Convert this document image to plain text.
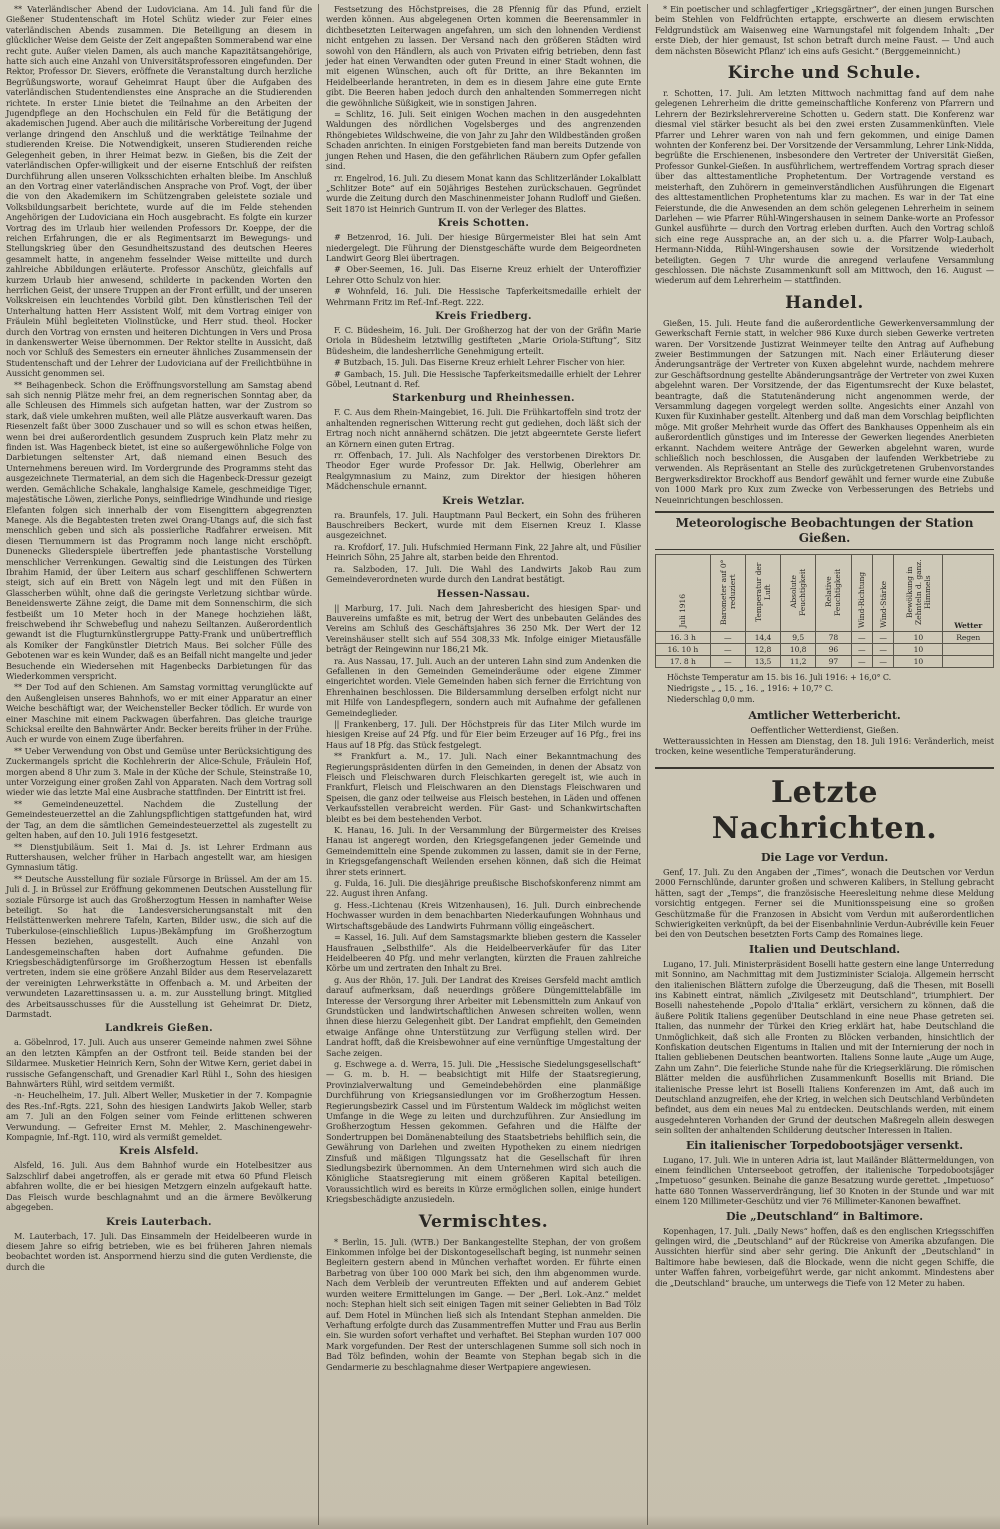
** Vaterländischer Abend der Ludoviciana. Am 14. Juli fand für die Gießener Studentenschaft im Hotel Schütz wieder zur Feier eines vaterländischen Abends zusammen. Die Beteiligung an diesem in glücklicher Weise dem Geiste der Zeit angepaßten Sommerabend war eine recht gute. Außer vielen Damen, als auch manche Kapazitätsangehörige, hatte sich auch eine Anzahl von Universitätsprofessoren eingefunden. Der Rektor, Professor Dr. Sievers, eröffnete die Veranstaltung durch herzliche Begrüßungsworte, worauf Geheimrat Haupt über die Aufgaben des vaterländischen Studentendienstes eine Ansprache an die Studierenden richtete. In erster Linie bietet die Teilnahme an den Arbeiten der Jugendpflege an den Hochschulen ein Feld für die Betätigung der akademischen Jugend. Aber auch die militärische Vorbereitung der Jugend verlange dringend den Anschluß und die werktätige Teilnahme der studierenden Kreise. Die Notwendigkeit, unseren Studierenden reiche Gelegenheit geben, in ihrer Heimat bezw. in Gießen, bis die Zeit der vaterländischen Opfer-willigkeit und der eiserne Entschluß der reifsten Durchführung allen unseren Volksschichten erhalten bleibe. Im Anschluß an den Vortrag einer vaterländischen Ansprache von Prof. Vogt, der über die von den Akademikern im Schützengraben geleistete soziale und Volksbildungsarbeit berichtete, wurde auf die im Felde stehenden Angehörigen der Ludoviciana ein Hoch ausgebracht. Es folgte ein kurzer Vortrag des im Urlaub hier weilenden Professors Dr. Koeppe, der die reichen Erfahrungen, die er als Regimentsarzt im Bewegungs- und Stellungskrieg über den Gesundheitszustand des deutschen Heeres gesammelt hatte, in angenehm fesselnder Weise mitteilte und durch zahlreiche Abbildungen erläuterte. Professor Anschütz, gleichfalls auf kurzem Urlaub hier anwesend, schilderte in packenden Worten den herrlichen Geist, der unsere Truppen an der Front erfüllt, und der unseren Volkskreisen ein leuchtendes Vorbild gibt. Den künstlerischen Teil der Unterhaltung hatten Herr Assistent Wolf, mit dem Vortrag einiger von Fräulein Mühl begleiteten Violinstücke, und Herr stud. theol. Hocker durch den Vortrag von ernsten und heiteren Dichtungen in Vers und Prosa in dankenswerter Weise übernommen. Der Rektor stellte in Aussicht, daß noch vor Schluß des Semesters ein erneuter ähnliches Zusammensein der Studentenschaft und der Lehrer der Ludoviciana auf der Freilichtbühne in Aussicht genommen sei.

** Beihagenbeck. Schon die Eröffnungsvorstellung am Samstag abend sah sich nennig Plätze mehr frei, an dem regnerischen Sonntag aber, da alle Schleusen des Himmels sich aufgetan hatten, war der Zustrom so stark, daß viele umkehren mußten, weil alle Plätze ausverkauft waren. Das Riesenzelt faßt über 3000 Zuschauer und so will es schon etwas heißen, wenn bei drei außerordentlich gesundem Zuspruch kein Platz mehr zu finden ist. Was Hagenbeck bietet, ist eine so außergewöhnliche Folge von Darbietungen seltenster Art, daß niemand einen Besuch des Unternehmens bereuen wird. Im Vordergrunde des Programms steht das ausgezeichnete Tiermaterial, an dem sich die Hagenbeck-Dressur gezeigt werden. Gemächliche Schakale, langhalsige Kamele, geschmeidige Tiger, majestätische Löwen, zierliche Ponys, seinfliedrige Windhunde und riesige Elefanten folgen sich innerhalb der vom Eisengittern abgegrenzten Manege. Als die Begabtesten treten zwei Orang-Utangs auf, die sich fast menschlich geben und sich als possierliche Radfahrer erweisen. Mit diesen Tiernummern ist das Programm noch lange nicht erschöpft. Dunenecks Gliederspiele übertreffen jede phantastische Vorstellung menschlicher Verrenkungen. Gewaltig sind die Leistungen des Türken Ibrahim Hamid, der über Leitern aus scharf geschliffenen Schwertern steigt, sich auf ein Brett von Nägeln legt und mit den Füßen in Glasscherben wühlt, ohne daß die geringste Verletzung sichtbar würde. Beneidenswerte Zähne zeigt, die Dame mit dem Sonnenschirm, die sich festbeißt um 10 Meter hoch in der Manege hochziehen läßt, freischwebend ihr Schwebeflug und nahezu Seiltanzen. Außerordentlich gewandt ist die Flugturnkünstlergruppe Patty-Frank und unübertrefflich als Komiker der Fangkünstler Dietrich Maus. Bei solcher Fülle des Gebotenen war es kein Wunder, daß es an Beifall nicht mangelte und jeder Besuchende ein Wiedersehen mit Hagenbecks Darbietungen für das Wiederkommen verspricht.

** Der Tod auf den Schienen. Am Samstag vormittag verunglückte auf den Außengleisen unseres Bahnhofs, wo er mit einer Apparatur an einer Weiche beschäftigt war, der Weichensteller Becker tödlich. Er wurde von einer Maschine mit einem Packwagen überfahren. Das gleiche traurige Schicksal ereilte den Bahnwärter Andr. Becker bereits früher in der Frühe. Auch er wurde von einem Zuge überfahren.

** Ueber Verwendung von Obst und Gemüse unter Berücksichtigung des Zuckermangels spricht die Kochlehrerin der Alice-Schule, Fräulein Hof, morgen abend 8 Uhr zum 3. Male in der Küche der Schule, Steinstraße 10, unter Vorzeigung einer großen Zahl von Apparaten. Nach dem Vortrag soll wieder wie das letzte Mal eine Ausbrache stattfinden. Der Eintritt ist frei.

** Gemeindeneuzettel. Nachdem die Zustellung der Gemeindesteuerzettel an die Zahlungspflichtigen stattgefunden hat, wird der Tag, an dem die sämtlichen Gemeindesteuerzettel als zugestellt zu gelten haben, auf den 10. Juli 1916 festgesetzt.

** Dienstjubiläum. Seit 1. Mai d. Js. ist Lehrer Erdmann aus Ruttershausen, welcher früher in Harbach angestellt war, am hiesigen Gymnasium tätig.

** Deutsche Ausstellung für soziale Fürsorge in Brüssel. Am der am 15. Juli d. J. in Brüssel zur Eröffnung gekommenen Deutschen Ausstellung für soziale Fürsorge ist auch das Großherzogtum Hessen in namhafter Weise beteiligt. So hat die Landesversicherungsanstalt mit den Heilstättenwerken mehrere Tafeln, Karten, Bilder usw., die sich auf die Tuberkulose-(einschließlich Lupus-)Bekämpfung im Großherzogtum Hessen beziehen, ausgestellt. Auch eine Anzahl von Landesgemeinschaften haben dort Aufnahme gefunden. Die Kriegsbeschädigtenfürsorge im Großherzogtum Hessen ist ebenfalls vertreten, indem sie eine größere Anzahl Bilder aus dem Reservelazarett der vereinigten Lehrwerkstätte in Offenbach a. M. und Arbeiten der verwundeten Lazarettinsassen u. a. m. zur Ausstellung bringt. Mitglied des Arbeitsausschusses für die Ausstellung ist Geheimrat Dr. Dietz, Darmstadt.

Landkreis Gießen.

a. Göbelnrod, 17. Juli. Auch aus unserer Gemeinde nahmen zwei Söhne an den letzten Kämpfen an der Ostfront teil. Beide standen bei der Sildarmee. Musketier Heinrich Kern, Sohn der Witwe Kern, geriet dabei in russische Gefangenschaft, und Grenadier Karl Rühl I., Sohn des hiesigen Bahnwärters Rühl, wird seitdem vermißt.

-n- Heuchelheim, 17. Juli. Albert Weller, Musketier in der 7. Kompagnie des Res.-Inf.-Rgts. 221, Sohn des hiesigen Landwirts Jakob Weller, starb am 7. Juli an den Folgen seiner vom Feinde erlittenen schweren Verwundung. — Gefreiter Ernst M. Mehler, 2. Maschinengewehr-Kompagnie, Inf.-Rgt. 110, wird als vermißt gemeldet.

Kreis Alsfeld.

Alsfeld, 16. Juli. Aus dem Bahnhof wurde ein Hotelbesitzer aus Salzschlirf dabei angetroffen, als er gerade mit etwa 60 Pfund Fleisch abfahren wollte, die er bei hiesigen Metzgern einzeln aufgekauft hatte. Das Fleisch wurde beschlagnahmt und an die ärmere Bevölkerung abgegeben.

Kreis Lauterbach.

M. Lauterbach, 17. Juli. Das Einsammeln der Heidelbeeren wurde in diesem Jahre so eifrig betrieben, wie es bei früheren Jahren niemals beobachtet worden ist. Ansporrnend hierzu sind die guten Verdienste, die durch die

Festsetzung des Höchstpreises, die 28 Pfennig für das Pfund, erzielt werden können. Aus abgelegenen Orten kommen die Beerensammler in dichtbesetzten Leiterwagen angefahren, um sich den lohnenden Verdienst nicht entgehen zu lassen. Der Versand nach den größeren Städten wird sowohl von den Händlern, als auch von Privaten eifrig betrieben, denn fast jeder hat einen Verwandten oder guten Freund in einer Stadt wohnen, die mit eigenen Wünschen, auch oft für Dritte, an ihre Bekannten im Heidelbeerlande herantreten, in dem es in diesem Jahre eine gute Ernte gibt. Die Beeren haben jedoch durch den anhaltenden Sommerregen nicht die gewöhnliche Süßigkeit, wie in sonstigen Jahren.

= Schlitz, 16. Juli. Seit einigen Wochen machen in den ausgedehnten Waldungen des nördlichen Vogelsberges und des angrenzenden Rhöngebietes Wildschweine, die von Jahr zu Jahr den Wildbeständen großen Schaden anrichten. In einigen Forstgebieten fand man bereits Dutzende von jungen Rehen und Hasen, die den gefährlichen Räubern zum Opfer gefallen sind.

rr. Engelrod, 16. Juli. Zu diesem Monat kann das Schlitzerländer Lokalblatt „Schlitzer Bote“ auf ein 50jähriges Bestehen zurückschauen. Gegründet wurde die Zeitung durch den Maschinenmeister Johann Rudloff und Gießen. Seit 1870 ist Heinrich Guntrum II. von der Verleger des Blattes.

Kreis Schotten.

# Betzenrod, 16. Juli. Der hiesige Bürgermeister Blei hat sein Amt niedergelegt. Die Führung der Dienstgeschäfte wurde dem Beigeordneten Landwirt Georg Blei übertragen.

# Ober-Seemen, 16. Juli. Das Eiserne Kreuz erhielt der Unteroffizier Lehrer Otto Schulz von hier.

# Wohnfeld, 16. Juli. Die Hessische Tapferkeitsmedaille erhielt der Wehrmann Fritz im Ref.-Inf.-Regt. 222.

Kreis Friedberg.

F. C. Büdesheim, 16. Juli. Der Großherzog hat der von der Gräfin Marie Oriola in Büdesheim letztwillig gestifteten „Marie Oriola-Stiftung“, Sitz Büdesheim, die landesherrliche Genehmigung erteilt.

# Butzbach, 15. Juli. Das Eiserne Kreuz erhielt Lehrer Fischer von hier.

# Gambach, 15. Juli. Die Hessische Tapferkeitsmedaille erhielt der Lehrer Göbel, Leutnant d. Ref.

Starkenburg und Rheinhessen.

F. C. Aus dem Rhein-Maingebiet, 16. Juli. Die Frühkartoffeln sind trotz der anhaltenden regnerischen Witterung recht gut gediehen, doch läßt sich der Ertrag noch nicht annähernd schätzen. Die jetzt abgeerntete Gerste liefert an Körnern einen guten Ertrag.

rr. Offenbach, 17. Juli. Als Nachfolger des verstorbenen Direktors Dr. Theodor Eger wurde Professor Dr. Jak. Hellwig, Oberlehrer am Realgymnasium zu Mainz, zum Direktor der hiesigen höheren Mädchenschule ernannt.

Kreis Wetzlar.

ra. Braunfels, 17. Juli. Hauptmann Paul Beckert, ein Sohn des früheren Bauschreibers Beckert, wurde mit dem Eisernen Kreuz I. Klasse ausgezeichnet.

ra. Krofdorf, 17. Juli. Hufschmied Hermann Fink, 22 Jahre alt, und Füsilier Heinrich Söhn, 25 Jahre alt, starben beide den Ehrentod.

ra. Salzboden, 17. Juli. Die Wahl des Landwirts Jakob Rau zum Gemeindeverordneten wurde durch den Landrat bestätigt.

Hessen-Nassau.

|| Marburg, 17. Juli. Nach dem Jahresbericht des hiesigen Spar- und Bauvereins umfaßte es mit, betrug der Wert des unbebauten Geländes des Vereins am Schluß des Geschäftsjahres 36 250 Mk. Der Wert der 12 Vereinshäuser stellt sich auf 554 308,33 Mk. Infolge einiger Mietausfälle beträgt der Reingewinn nur 186,21 Mk.

ra. Aus Nassau, 17. Juli. Auch an der unteren Lahn sind zum Andenken die Gefallenen in den Gemeinden Gemeinderäume oder eigene Zimmer eingerichtet worden. Viele Gemeinden haben sich ferner die Errichtung von Ehrenhainen beschlossen. Die Bildersammlung derselben erfolgt nicht nur mit Hilfe von Landespflegern, sondern auch mit Aufnahme der gefallenen Gemeindeglieder.

|| Frankenberg, 17. Juli. Der Höchstpreis für das Liter Milch wurde im hiesigen Kreise auf 24 Pfg. und für Eier beim Erzeuger auf 16 Pfg., frei ins Haus auf 18 Pfg. das Stück festgelegt.

** Frankfurt a. M., 17. Juli. Nach einer Bekanntmachung des Regierungspräsidenten dürfen in den Gemeinden, in denen der Absatz von Fleisch und Fleischwaren durch Fleischkarten geregelt ist, wie auch in Frankfurt, Fleisch und Fleischwaren an den Dienstags Fleischwaren und Speisen, die ganz oder teilweise aus Fleisch bestehen, in Läden und offenen Verkaufsstellen verabreicht werden. Für Gast- und Schankwirtschaften bleibt es bei dem bestehenden Verbot.

K. Hanau, 16. Juli. In der Versammlung der Bürgermeister des Kreises Hanau ist angeregt worden, den Kriegsgefangenen jeder Gemeinde und Gemeindemitteln eine Spende zukommen zu lassen, damit sie in der Ferne, in Kriegsgefangenschaft Weilenden ersehen können, daß sich die Heimat ihrer stets erinnert.

g. Fulda, 16. Juli. Die diesjährige preußische Bischofskonferenz nimmt am 22. August ihren Anfang.

g. Hess.-Lichtenau (Kreis Witzenhausen), 16. Juli. Durch einbrechende Hochwasser wurden in dem benachbarten Niederkaufungen Wohnhaus und Wirtschaftsgebäude des Landwirts Fuhrmann völlig eingeäschert.

= Kassel, 16. Juli. Auf dem Samstagsmarkte blieben gestern die Kasseler Hausfrauen „Selbsthilfe“. Als die Heidelbeerverkäufer für das Liter Heidelbeeren 40 Pfg. und mehr verlangten, kürzten die Frauen zahlreiche Körbe um und zertraten den Inhalt zu Brei.

g. Aus der Rhön, 17. Juli. Der Landrat des Kreises Gersfeld macht amtlich darauf aufmerksam, daß neuerdings größere Düngemittelabfälle im Interesse der Versorgung ihrer Arbeiter mit Lebensmitteln zum Ankauf von Grundstücken und landwirtschaftlichen Anwesen schreiten wollen, wenn ihnen diese hierzu Gelegenheit gibt. Der Landrat empfiehlt, den Gemeinden etwaige Anfänge ohne Unterstützung zur Verfügung stellen wird. Der Landrat hofft, daß die Kreisbewohner auf eine vernünftige Umgestaltung der Sache zeigen.

g. Eschwege a. d. Werra, 15. Juli. Die „Hessische Siedelungsgesellschaft“ — G. m. b. H. — beabsichtigt mit Hilfe der Staatsregierung, Provinzialverwaltung und Gemeindebehörden eine planmäßige Durchführung von Kriegsansiedlungen vor im Großherzogtum Hessen. Regierungsbezirk Cassel und im Fürstentum Waldeck im möglichst weiten Umfange in die Wege zu leiten und durchzuführen. Zur Ansiedlung im Großherzogtum Hessen gekommen. Gefahren und die Hälfte der Sondertruppen bei Domänenabteilung des Staatsbetriebs behilflich sein, die Gewährung von Darlehen und zweiten Hypotheken zu einem niedrigen Zinsfuß und mäßigen Tilgungssatz hat die Gesellschaft für ihren Siedlungsbezirk übernommen. An dem Unternehmen wird sich auch die Königliche Staatsregierung mit einem größeren Kapital beteiligen. Voraussichtlich wird es bereits in Kürze ermöglichen sollen, einige hundert Kriegsbeschädigte anzusiedeln.

Vermischtes.

* Berlin, 15. Juli. (WTB.) Der Bankangestellte Stephan, der von großem Einkommen infolge bei der Diskontogesellschaft beging, ist nunmehr seinen Begleitern gestern abend in München verhaftet worden. Er führte einen Barbetrag von über 100 000 Mark bei sich, den ihm abgenommen wurde. Nach dem Verbleib der veruntreuten Effekten und auf anderem Gebiet wurden weitere Ermittelungen im Gange. — Der „Berl. Lok.-Anz.“ meldet noch: Stephan hielt sich seit einigen Tagen mit seiner Geliebten in Bad Tölz auf. Dem Hotel in München ließ sich als Intendant Stephan anmelden. Die Verhaftung erfolgte durch das Zusammentreffen Mutter und Frau aus Berlin ein. Sie wurden sofort verhaftet und verhaftet. Bei Stephan wurden 107 000 Mark vorgefunden. Der Rest der unterschlagenen Summe soll sich noch in Bad Tölz befinden, wohin der Beamte von Stephan begab sich in die Gendarmerie zu beschlagnahme dieser Wertpapiere angewiesen.

* Ein poetischer und schlagfertiger „Kriegsgärtner“, der einen jungen Burschen beim Stehlen von Feldfrüchten ertappte, erschwerte an diesem erwischten Feldgrundstück am Waisenweg eine Warnungstafel mit folgendem Inhalt: „Der erste Dieb, der hier gemaust, Ist schon betraft durch meine Faust. — Und auch dem nächsten Bösewicht Pflanz' ich eins aufs Gesicht.“ (Berggemeinnicht.)

Kirche und Schule.

r. Schotten, 17. Juli. Am letzten Mittwoch nachmittag fand auf dem nahe gelegenen Lehrerheim die dritte gemeinschaftliche Konferenz von Pfarrern und Lehrern der Bezirkslehrervereine Schotten u. Gedern statt. Die Konferenz war diesmal viel stärker besucht als bei den zwei ersten Zusammenkünften. Viele Pfarrer und Lehrer waren von nah und fern gekommen, und einige Damen wohnten der Konferenz bei. Der Vorsitzende der Versammlung, Lehrer Link-Nidda, begrüßte die Erschienenen, insbesondere den Vertreter der Universität Gießen, Professor Gunkel-Gießen. In ausführlichem, wertreffendem Vortrag sprach dieser über das alttestamentliche Prophetentum. Der Vortragende verstand es meisterhaft, den Zuhörern in gemeinverständlichen Ausführungen die Eigenart des alttestamentlichen Prophetentums klar zu machen. Es war in der Tat eine Feierstunde, die die Anwesenden an dem schön gelegenen Lehrerheim in seinem Darlehen — wie Pfarrer Rühl-Wingershausen in seinem Danke-worte an Professor Gunkel ausführte — durch den Vortrag erleben durften. Auch den Vortrag schloß sich eine rege Aussprache an, an der sich u. a. die Pfarrer Wolp-Laubach, Hermann-Nidda, Rühl-Wingershausen sowie der Vorsitzende wiederholt beteiligten. Gegen 7 Uhr wurde die anregend verlaufene Versammlung geschlossen. Die nächste Zusammenkunft soll am Mittwoch, den 16. August — wiederum auf dem Lehrerheim — stattfinden.

Handel.

Gießen, 15. Juli. Heute fand die außerordentliche Gewerkenversammlung der Gewerkschaft Fernie statt, in welcher 986 Kuxe durch sieben Gewerke vertreten waren. Der Vorsitzende Justizrat Weinmeyer teilte den Antrag auf Aufhebung zweier Bestimmungen der Satzungen mit. Nach einer Erläuterung dieser Änderungsanträge der Vertreter von Kuxen abgelehnt wurde, nachdem mehrere zur Geschäftsordnung gestellte Abänderungsanträge der Vertreter von zwei Kuxen abgelehnt waren. Der Vorsitzende, der das Eigentumsrecht der Kuxe belastet, beantragte, daß die Statutenänderung nicht angenommen werde, der Versammlung dagegen vorgelegt werden sollte. Angesichts einer Anzahl von Kuxen für Kuxinhaber gestellt. Altenberg und daß man dem Vorschlag beipflichten möge. Mit großer Mehrheit wurde das Offert des Bankhauses Oppenheim als ein außerordentlich günstiges und im Interesse der Gewerken liegendes Anerbieten erkannt. Nachdem weitere Anträge der Gewerken abgelehnt waren, wurde schließlich noch beschlossen, die Ausgaben der laufenden Werkbetriebe zu verwenden. Als Repräsentant an Stelle des zurückgetretenen Grubenvorstandes Bergwerksdirektor Brockhoff aus Bendorf gewählt und ferner wurde eine Zubuße von 1000 Mark pro Kux zum Zwecke von Verbesserungen des Betriebs und Neueinrichtungen beschlossen.

Meteorologische Beobachtungen der Station Gießen.
Juli 1916	Barometer auf 0° reduziert	Temperatur der Luft	Absolute Feuchtigkeit	Relative Feuchtigkeit	Wind-Richtung	Wind-Stärke	Bewölkung in Zehnteln d. ganz. Himmels	Wetter
16. 3 h	—	14,4	9,5	78	—	—	10	Regen
16. 10 h	—	12,8	10,8	96	—	—	10	
17. 8 h	—	13,5	11,2	97	—	—	10	
Höchste Temperatur am 15. bis 16. Juli 1916: + 16,0° C.
Niedrigste „ „ 15. „ 16. „ 1916: + 10,7° C.
Niederschlag 0,0 mm.
Amtlicher Wetterbericht.
Oeffentlicher Wetterdienst, Gießen.

Wetteraussichten in Hessen am Dienstag, den 18. Juli 1916: Veränderlich, meist trocken, keine wesentliche Temperaturänderung.

Letzte Nachrichten.
Die Lage vor Verdun.

Genf, 17. Juli. Zu den Angaben der „Times“, wonach die Deutschen vor Verdun 2000 Fernschlünde, darunter großen und schweren Kalibers, in Stellung gebracht hätten, sagt der „Temps“, die französische Heeresleitung nehme diese Meldung vorsichtig entgegen. Ferner sei die Munitionsspeisung eine so großen Geschützmaße für die Franzosen in Absicht vom Verdun mit außerordentlichen Schwierigkeiten verknüpft, da bei der Eisenbahnlinie Verdun-Aubréville kein Feuer bei den von Deutschen besetzten Forts Camp des Romaines liege.

Italien und Deutschland.

Lugano, 17. Juli. Ministerpräsident Boselli hatte gestern eine lange Unterredung mit Sonnino, am Nachmittag mit dem Justizminister Scialoja. Allgemein herrscht den italienischen Blättern zufolge die Überzeugung, daß die Thesen, mit Boselli ins Kabinett eintrat, nämlich „Zivilgesetz mit Deutschland“, triumphiert. Der Boselli nahestehende „Popolo d'Italia“ erklärt, versichern zu können, daß die äußere Politik Italiens gegenüber Deutschland in eine neue Phase getreten sei. Italien, das nunmehr der Türkei den Krieg erklärt hat, habe Deutschland die Unmöglichkeit, daß sich alle Fronten zu Blöcken verbanden, hinsichtlich der Konfiskation deutschen Eigentums in Italien und mit der Internierung der noch in Italien gebliebenen Deutschen beantworten. Italiens Sonne laute „Auge um Auge, Zahn um Zahn“. Die feierliche Stunde nahe für die Kriegserklärung. Die römischen Blätter melden die ausführlichen Zusammenkunft Bosellis mit Briand. Die italienische Presse lehrt ist Boselli Italiens Konferenzen im Amt, daß auch im Deutschland anzugreifen, ehe der Krieg, in welchen sich Deutschland Verbündeten befindet, aus dem ein neues Mal zu entdecken. Deutschlands werden, mit einem ausgedehnteren Vorhanden der Grund der deutschen Maßregeln allein deswegen sein sollten der anhaltenden Schilderung deutscher Interessen in Italien.

Ein italienischer Torpedobootsjäger versenkt.

Lugano, 17. Juli. Wie in unteren Adria ist, laut Mailänder Blättermeldungen, von einem feindlichen Unterseeboot getroffen, der italienische Torpedobootsjäger „Impetuoso“ gesunken. Beinahe die ganze Besatzung wurde gerettet. „Impetuoso“ hatte 680 Tonnen Wasserverdrängung, lief 30 Knoten in der Stunde und war mit einem 120 Millimeter-Geschütz und vier 76 Millimeter-Kanonen bewaffnet.

Die „Deutschland“ in Baltimore.

Kopenhagen, 17. Juli. „Daily News“ hoffen, daß es den englischen Kriegsschiffen gelingen wird, die „Deutschland“ auf der Rückreise von Amerika abzufangen. Die Aussichten hierfür sind aber sehr gering. Die Ankunft der „Deutschland“ in Baltimore habe bewiesen, daß die Blockade, wenn die nicht gegen Schiffe, die unter Waffen fahren, vorbeigeführt werde, gar nicht ankommt. Mindestens aber die „Deutschland“ brauche, um unterwegs die Tiefe von 12 Meter zu haben.
